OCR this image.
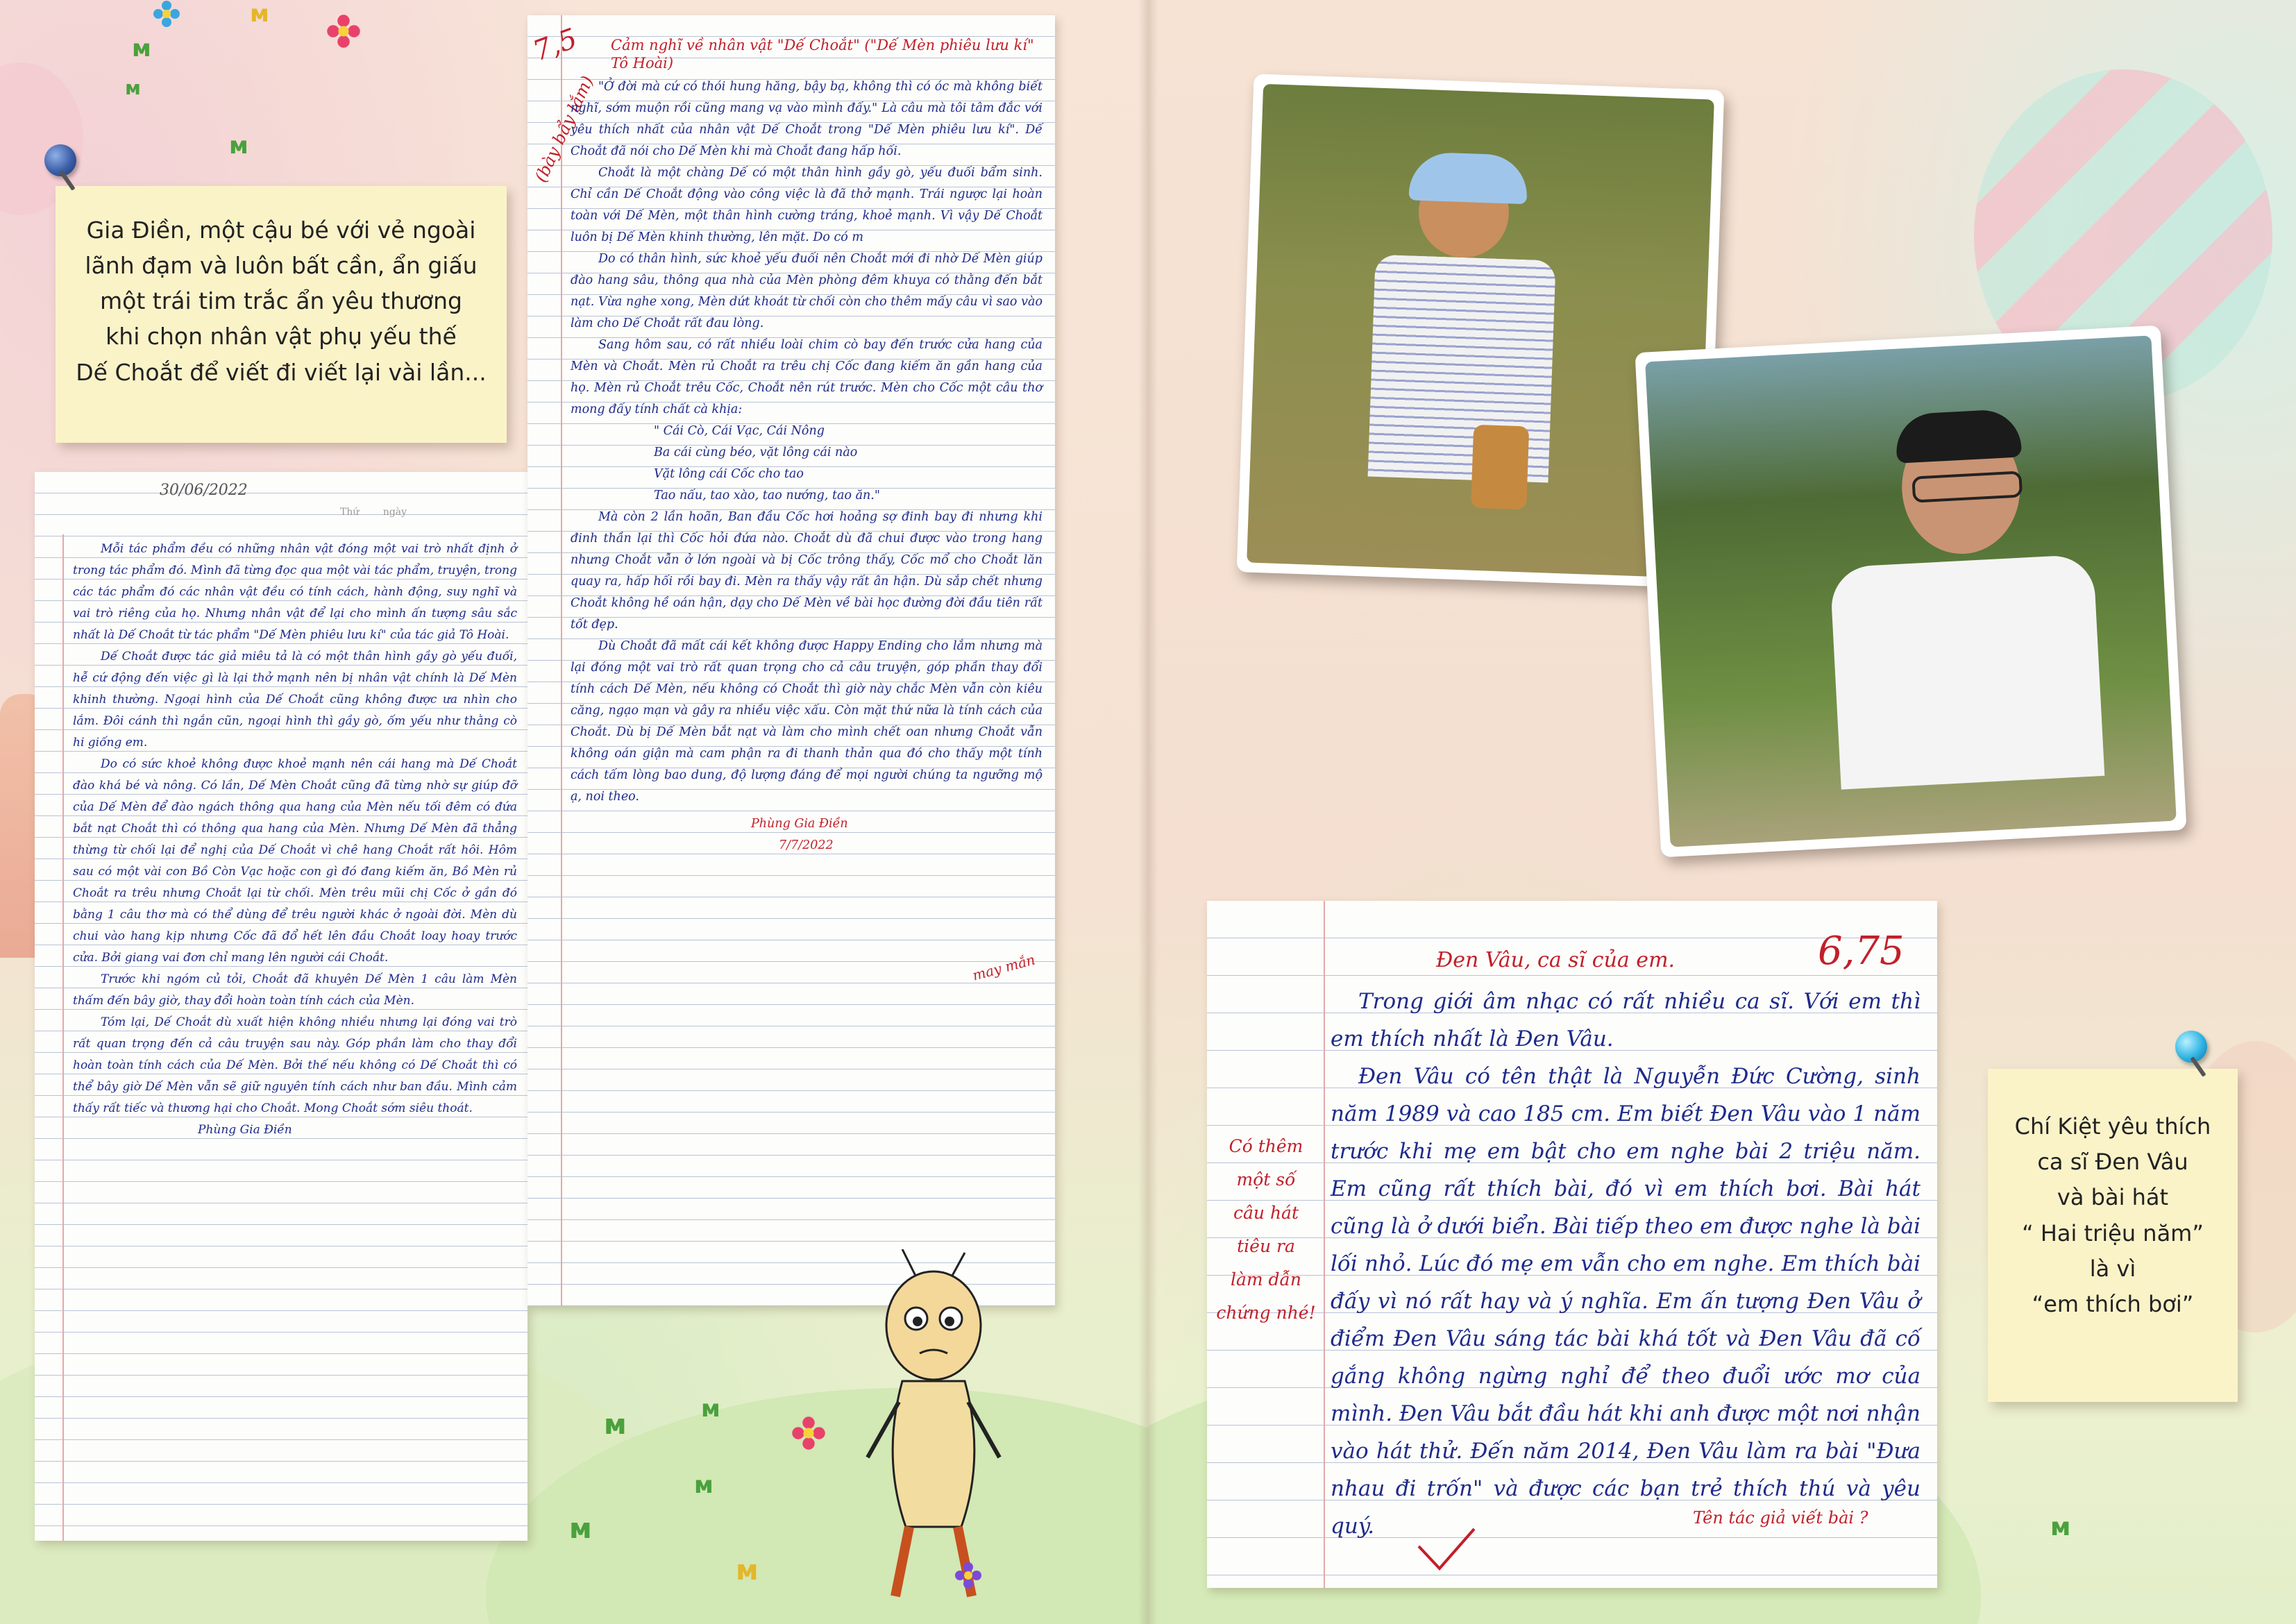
ᴍ
ᴍ
ᴍ
ᴍ
Gia Điền, một cậu bé với vẻ ngoài
lãnh đạm và luôn bất cần, ẩn giấu
một trái tim trắc ẩn yêu thương
khi chọn nhân vật phụ yếu thế
Dế Choắt để viết đi viết lại vài lần...
30/06/2022
Thứ ngày

Mỗi tác phẩm đều có những nhân vật đóng một vai trò nhất định ở trong tác phẩm đó. Mình đã từng đọc qua một vài tác phẩm, truyện, trong các tác phẩm đó các nhân vật đều có tính cách, hành động, suy nghĩ và vai trò riêng của họ. Nhưng nhân vật để lại cho mình ấn tượng sâu sắc nhất là Dế Choắt từ tác phẩm "Dế Mèn phiêu lưu kí" của tác giả Tô Hoài.

Dế Choắt được tác giả miêu tả là có một thân hình gầy gò yếu đuối, hễ cứ động đến việc gì là lại thở mạnh nên bị nhân vật chính là Dế Mèn khinh thường. Ngoại hình của Dế Choắt cũng không được ưa nhìn cho lắm. Đôi cánh thì ngắn cũn, ngoại hình thì gầy gò, ốm yếu như thằng cò hi giống em.

Do có sức khoẻ không được khoẻ mạnh nên cái hang mà Dế Choắt đào khá bé và nông. Có lần, Dế Mèn Choắt cũng đã từng nhờ sự giúp đỡ của Dế Mèn để đào ngách thông qua hang của Mèn nếu tối đêm có đứa bắt nạt Choắt thì có thông qua hang của Mèn. Nhưng Dế Mèn đã thẳng thừng từ chối lại để nghị của Dế Choắt vì chê hang Choắt rất hôi. Hôm sau có một vài con Bồ Còn Vạc hoặc con gì đó đang kiếm ăn, Bồ Mèn rủ Choắt ra trêu nhưng Choắt lại từ chối. Mèn trêu mũi chị Cốc ở gần đó bằng 1 câu thơ mà có thể dùng để trêu người khác ở ngoài đời. Mèn dù chui vào hang kịp nhưng Cốc đã đổ hết lên đầu Choắt loay hoay trước cửa. Bởi giang vai đơn chỉ mang lên người cái Choắt.

Trước khi ngóm củ tỏi, Choắt đã khuyên Dế Mèn 1 câu làm Mèn thấm đến bây giờ, thay đổi hoàn toàn tính cách của Mèn.

Tóm lại, Dế Choắt dù xuất hiện không nhiều nhưng lại đóng vai trò rất quan trọng đến cả câu truyện sau này. Góp phần làm cho thay đổi hoàn toàn tính cách của Dế Mèn. Bởi thế nếu không có Dế Choắt thì có thể bây giờ Dế Mèn vẫn sẽ giữ nguyên tính cách như ban đầu. Mình cảm thấy rất tiếc và thương hại cho Choắt. Mong Choắt sớm siêu thoát.

Phùng Gia Điền

7,5
(bày bẩy lắm)
Cảm nghĩ về nhân vật "Dế Choắt" ("Dế Mèn phiêu lưu kí" Tô Hoài)

"Ở đời mà cứ có thói hung hăng, bậy bạ, không thì có óc mà không biết nghĩ, sớm muộn rồi cũng mang vạ vào mình đấy." Là câu mà tôi tâm đắc với yêu thích nhất của nhân vật Dế Choắt trong "Dế Mèn phiêu lưu kí". Dế Choắt đã nói cho Dế Mèn khi mà Choắt đang hấp hối.

Choắt là một chàng Dế có một thân hình gầy gò, yếu đuối bẩm sinh. Chỉ cần Dế Choắt động vào công việc là đã thở mạnh. Trái ngược lại hoàn toàn với Dế Mèn, một thân hình cường tráng, khoẻ mạnh. Vì vậy Dế Choắt luôn bị Dế Mèn khinh thường, lên mặt. Do có m

Do có thân hình, sức khoẻ yếu đuối nên Choắt mới đi nhờ Dế Mèn giúp đào hang sâu, thông qua nhà của Mèn phòng đêm khuya có thằng đến bắt nạt. Vừa nghe xong, Mèn dứt khoát từ chối còn cho thêm mấy câu vì sao vào làm cho Dế Choắt rất đau lòng.

Sang hôm sau, có rất nhiều loài chim cò bay đến trước cửa hang của Mèn và Choắt. Mèn rủ Choắt ra trêu chị Cốc đang kiếm ăn gần hang của họ. Mèn rủ Choắt trêu Cốc, Choắt nên rút trước. Mèn cho Cốc một câu thơ mong đấy tính chất cà khịa:

" Cái Cò, Cái Vạc, Cái Nông

Ba cái cùng béo, vặt lông cái nào

Vặt lông cái Cốc cho tao

Tao nấu, tao xào, tao nướng, tao ăn."

Mà còn 2 lần hoãn, Ban đầu Cốc hơi hoảng sợ đinh bay đi nhưng khi đinh thần lại thì Cốc hỏi đứa nào. Choắt dù đã chui được vào trong hang nhưng Choắt vẫn ở lớn ngoài và bị Cốc trông thấy, Cốc mổ cho Choắt lăn quay ra, hấp hối rồi bay đi. Mèn ra thấy vậy rất ân hận. Dù sắp chết nhưng Choắt không hề oán hận, dạy cho Dế Mèn về bài học đường đời đầu tiên rất tốt đẹp.

Dù Choắt đã mất cái kết không được Happy Ending cho lắm nhưng mà lại đóng một vai trò rất quan trọng cho cả câu truyện, góp phần thay đổi tính cách Dế Mèn, nếu không có Choắt thì giờ này chắc Mèn vẫn còn kiêu căng, ngạo mạn và gây ra nhiều việc xấu. Còn mặt thứ nữa là tính cách của Choắt. Dù bị Dế Mèn bắt nạt và làm cho mình chết oan nhưng Choắt vẫn không oán giận mà cam phận ra đi thanh thản qua đó cho thấy một tính cách tấm lòng bao dung, độ lượng đáng để mọi người chúng ta ngưỡng mộ ạ, noi theo.

Phùng Gia Điền

7/7/2022

may mắn
ᴍ	ᴍ
ᴍ
ᴍ
ᴍ
Chí Kiệt yêu thích
ca sĩ Đen Vâu
và bài hát
“ Hai triệu năm”
là vì
“em thích bơi”
Đen Vâu, ca sĩ của em.	6,75
Có thêm
một số
câu hát
tiêu ra
làm dẫn
chứng nhé!

Trong giới âm nhạc có rất nhiều ca sĩ. Với em thì em thích nhất là Đen Vâu.

Đen Vâu có tên thật là Nguyễn Đức Cường, sinh năm 1989 và cao 185 cm. Em biết Đen Vâu vào 1 năm trước khi mẹ em bật cho em nghe bài 2 triệu năm. Em cũng rất thích bài, đó vì em thích bơi. Bài hát cũng là ở dưới biển. Bài tiếp theo em được nghe là bài lối nhỏ. Lúc đó mẹ em vẫn cho em nghe. Em thích bài đấy vì nó rất hay và ý nghĩa. Em ấn tượng Đen Vâu ở điểm Đen Vâu sáng tác bài khá tốt và Đen Vâu đã cố gắng không ngừng nghỉ để theo đuổi ước mơ của mình. Đen Vâu bắt đầu hát khi anh được một nơi nhận vào hát thử. Đến năm 2014, Đen Vâu làm ra bài "Đưa nhau đi trốn" và được các bạn trẻ thích thú và yêu quý.	Tên tác giả viết bài ?	ᴍ
